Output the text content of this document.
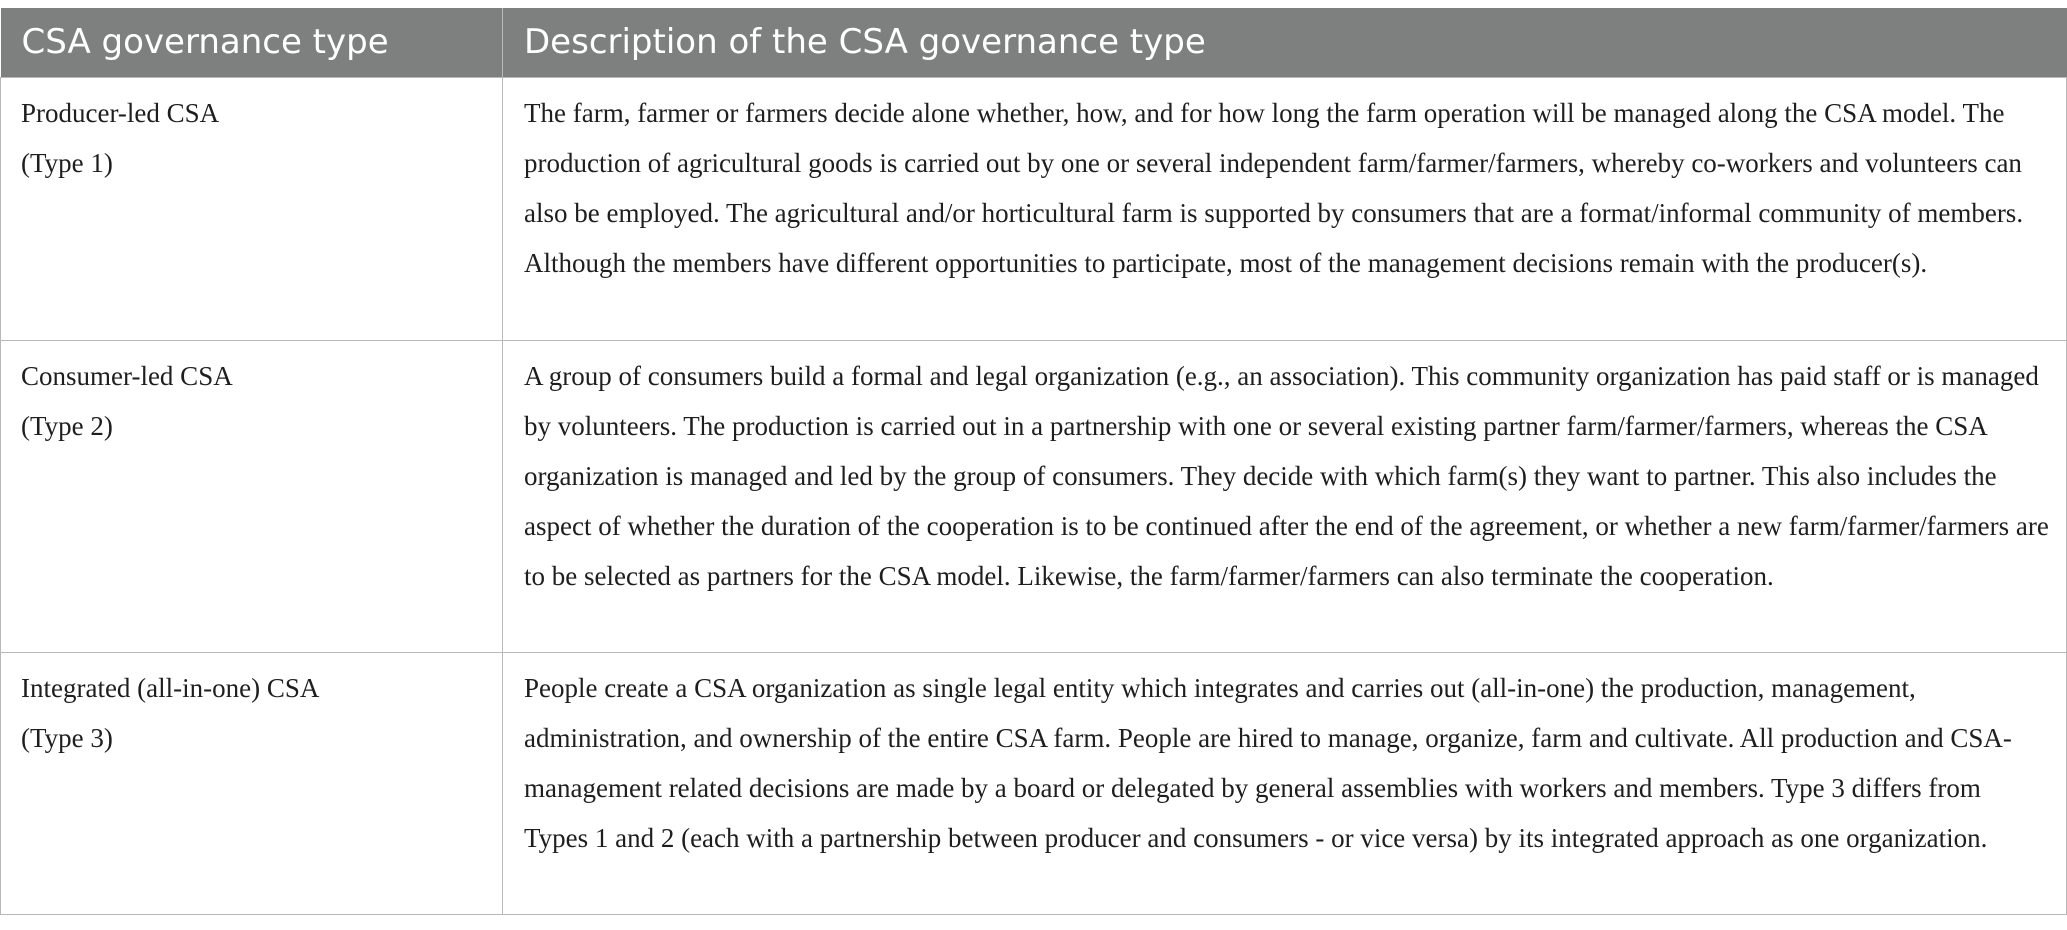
CSA governance type	Description of the CSA governance type

Producer-led CSA
(Type 1)	The farm, farmer or farmers decide alone whether, how, and for how long the farm operation will be managed along the CSA model. The production of agricultural goods is carried out by one or several independent farm/farmer/farmers, whereby co-workers and volunteers can also be employed. The agricultural and/or horticultural farm is supported by consumers that are a format/informal community of members. Although the members have different opportunities to participate, most of the management decisions remain with the producer(s).

Consumer-led CSA
(Type 2)	A group of consumers build a formal and legal organization (e.g., an association). This community organization has paid staff or is managed by volunteers. The production is carried out in a partnership with one or several existing partner farm/farmer/farmers, whereas the CSA organization is managed and led by the group of consumers. They decide with which farm(s) they want to partner. This also includes the aspect of whether the duration of the cooperation is to be continued after the end of the agreement, or whether a new farm/farmer/farmers are to be selected as partners for the CSA model. Likewise, the farm/farmer/farmers can also terminate the cooperation.

Integrated (all-in-one) CSA
(Type 3)	People create a CSA organization as single legal entity which integrates and carries out (all-in-one) the production, management, administration, and ownership of the entire CSA farm. People are hired to manage, organize, farm and cultivate. All production and CSA-management related decisions are made by a board or delegated by general assemblies with workers and members. Type 3 differs from Types 1 and 2 (each with a partnership between producer and consumers - or vice versa) by its integrated approach as one organization.
